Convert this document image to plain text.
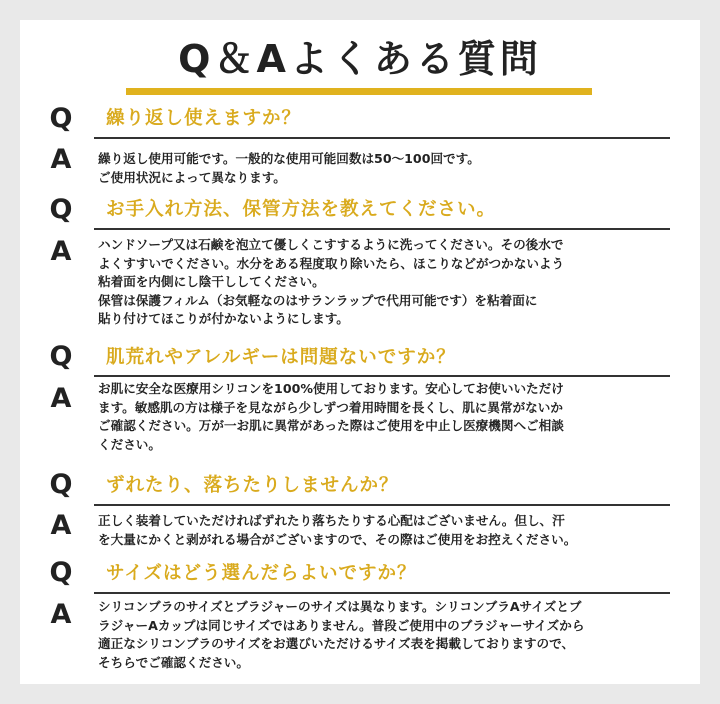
Q＆Aよくある質問
Q 繰り返し使えますか？
A	繰り返し使用可能です。一般的な使用可能回数は50～100回です。
ご使用状況によって異なります。
Q お手入れ方法、保管方法を教えてください。
A	ハンドソープ又は石鹸を泡立て優しくこすするように洗ってください。その後水で
よくすすいでください。水分をある程度取り除いたら、ほこりなどがつかないよう
粘着面を内側にし陰干ししてください。
保管は保護フィルム（お気軽なのはサランラップで代用可能です）を粘着面に
貼り付けてほこりが付かないようにします。
Q 肌荒れやアレルギーは問題ないですか？
A	お肌に安全な医療用シリコンを100%使用しております。安心してお使いいただけ
ます。敏感肌の方は様子を見ながら少しずつ着用時間を長くし、肌に異常がないか
ご確認ください。万が一お肌に異常があった際はご使用を中止し医療機関へご相談
ください。
Q ずれたり、落ちたりしませんか？
A	正しく装着していただければずれたり落ちたりする心配はございません。但し、汗
を大量にかくと剥がれる場合がございますので、その際はご使用をお控えください。
Q サイズはどう選んだらよいですか？
A	シリコンブラのサイズとブラジャーのサイズは異なります。シリコンブラAサイズとブ
ラジャーAカップは同じサイズではありません。普段ご使用中のブラジャーサイズから
適正なシリコンブラのサイズをお選びいただけるサイズ表を掲載しておりますので、
そちらでご確認ください。
